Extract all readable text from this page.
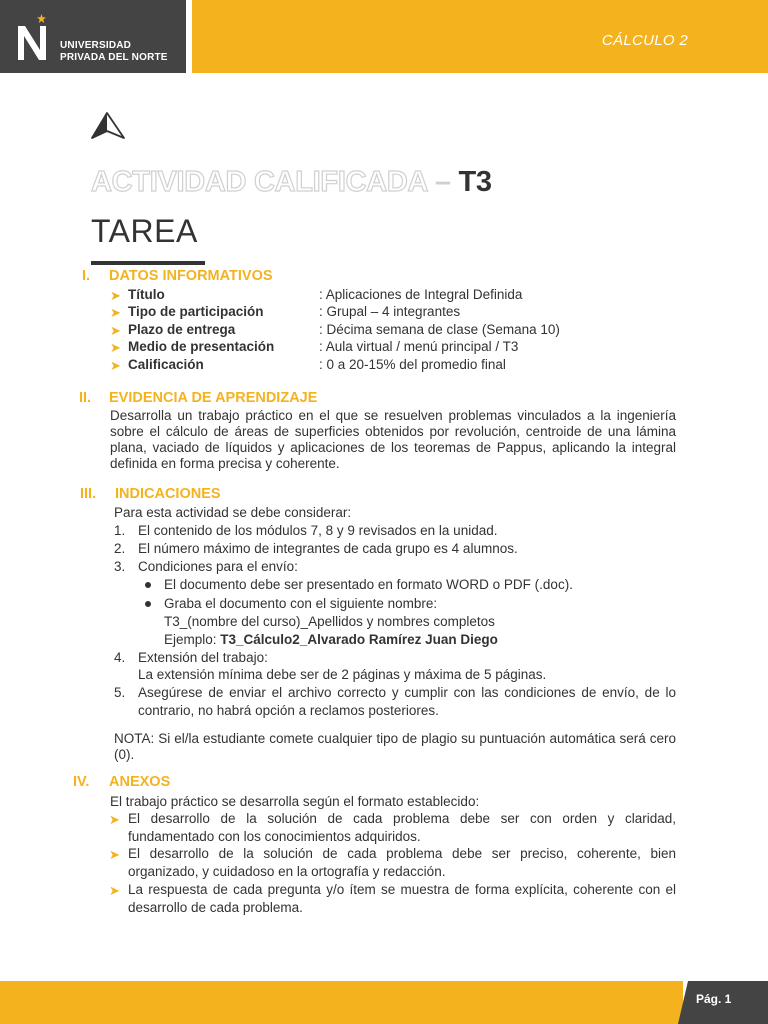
UNIVERSIDAD
PRIVADA DEL NORTE
CÁLCULO 2
ACTIVIDAD CALIFICADA – T3
TAREA
I. DATOS INFORMATIVOS
➤ Título	: Aplicaciones de Integral Definida
➤ Tipo de participación	: Grupal – 4 integrantes
➤ Plazo de entrega	: Décima semana de clase (Semana 10)
➤ Medio de presentación	: Aula virtual / menú principal / T3
➤ Calificación	: 0 a 20-15% del promedio final
II. EVIDENCIA DE APRENDIZAJE
Desarrolla un trabajo práctico en el que se resuelven problemas vinculados a la ingeniería sobre el cálculo de áreas de superficies obtenidos por revolución, centroide de una lámina plana, vaciado de líquidos y aplicaciones de los teoremas de Pappus, aplicando la integral definida en forma precisa y coherente.
III. INDICACIONES
Para esta actividad se debe considerar:
1. El contenido de los módulos 7, 8 y 9 revisados en la unidad.
2. El número máximo de integrantes de cada grupo es 4 alumnos.
3. Condiciones para el envío:
El documento debe ser presentado en formato WORD o PDF (.doc).
Graba el documento con el siguiente nombre:
T3_(nombre del curso)_Apellidos y nombres completos
Ejemplo: T3_Cálculo2_Alvarado Ramírez Juan Diego
4. Extensión del trabajo:
La extensión mínima debe ser de 2 páginas y máxima de 5 páginas.
5. Asegúrese de enviar el archivo correcto y cumplir con las condiciones de envío, de lo contrario, no habrá opción a reclamos posteriores.
NOTA: Si el/la estudiante comete cualquier tipo de plagio su puntuación automática será cero (0).
IV. ANEXOS
El trabajo práctico se desarrolla según el formato establecido:
➤ El desarrollo de la solución de cada problema debe ser con orden y claridad, fundamentado con los conocimientos adquiridos.
➤ El desarrollo de la solución de cada problema debe ser preciso, coherente, bien organizado, y cuidadoso en la ortografía y redacción.
➤ La respuesta de cada pregunta y/o ítem se muestra de forma explícita, coherente con el desarrollo de cada problema.
Pág. 1
